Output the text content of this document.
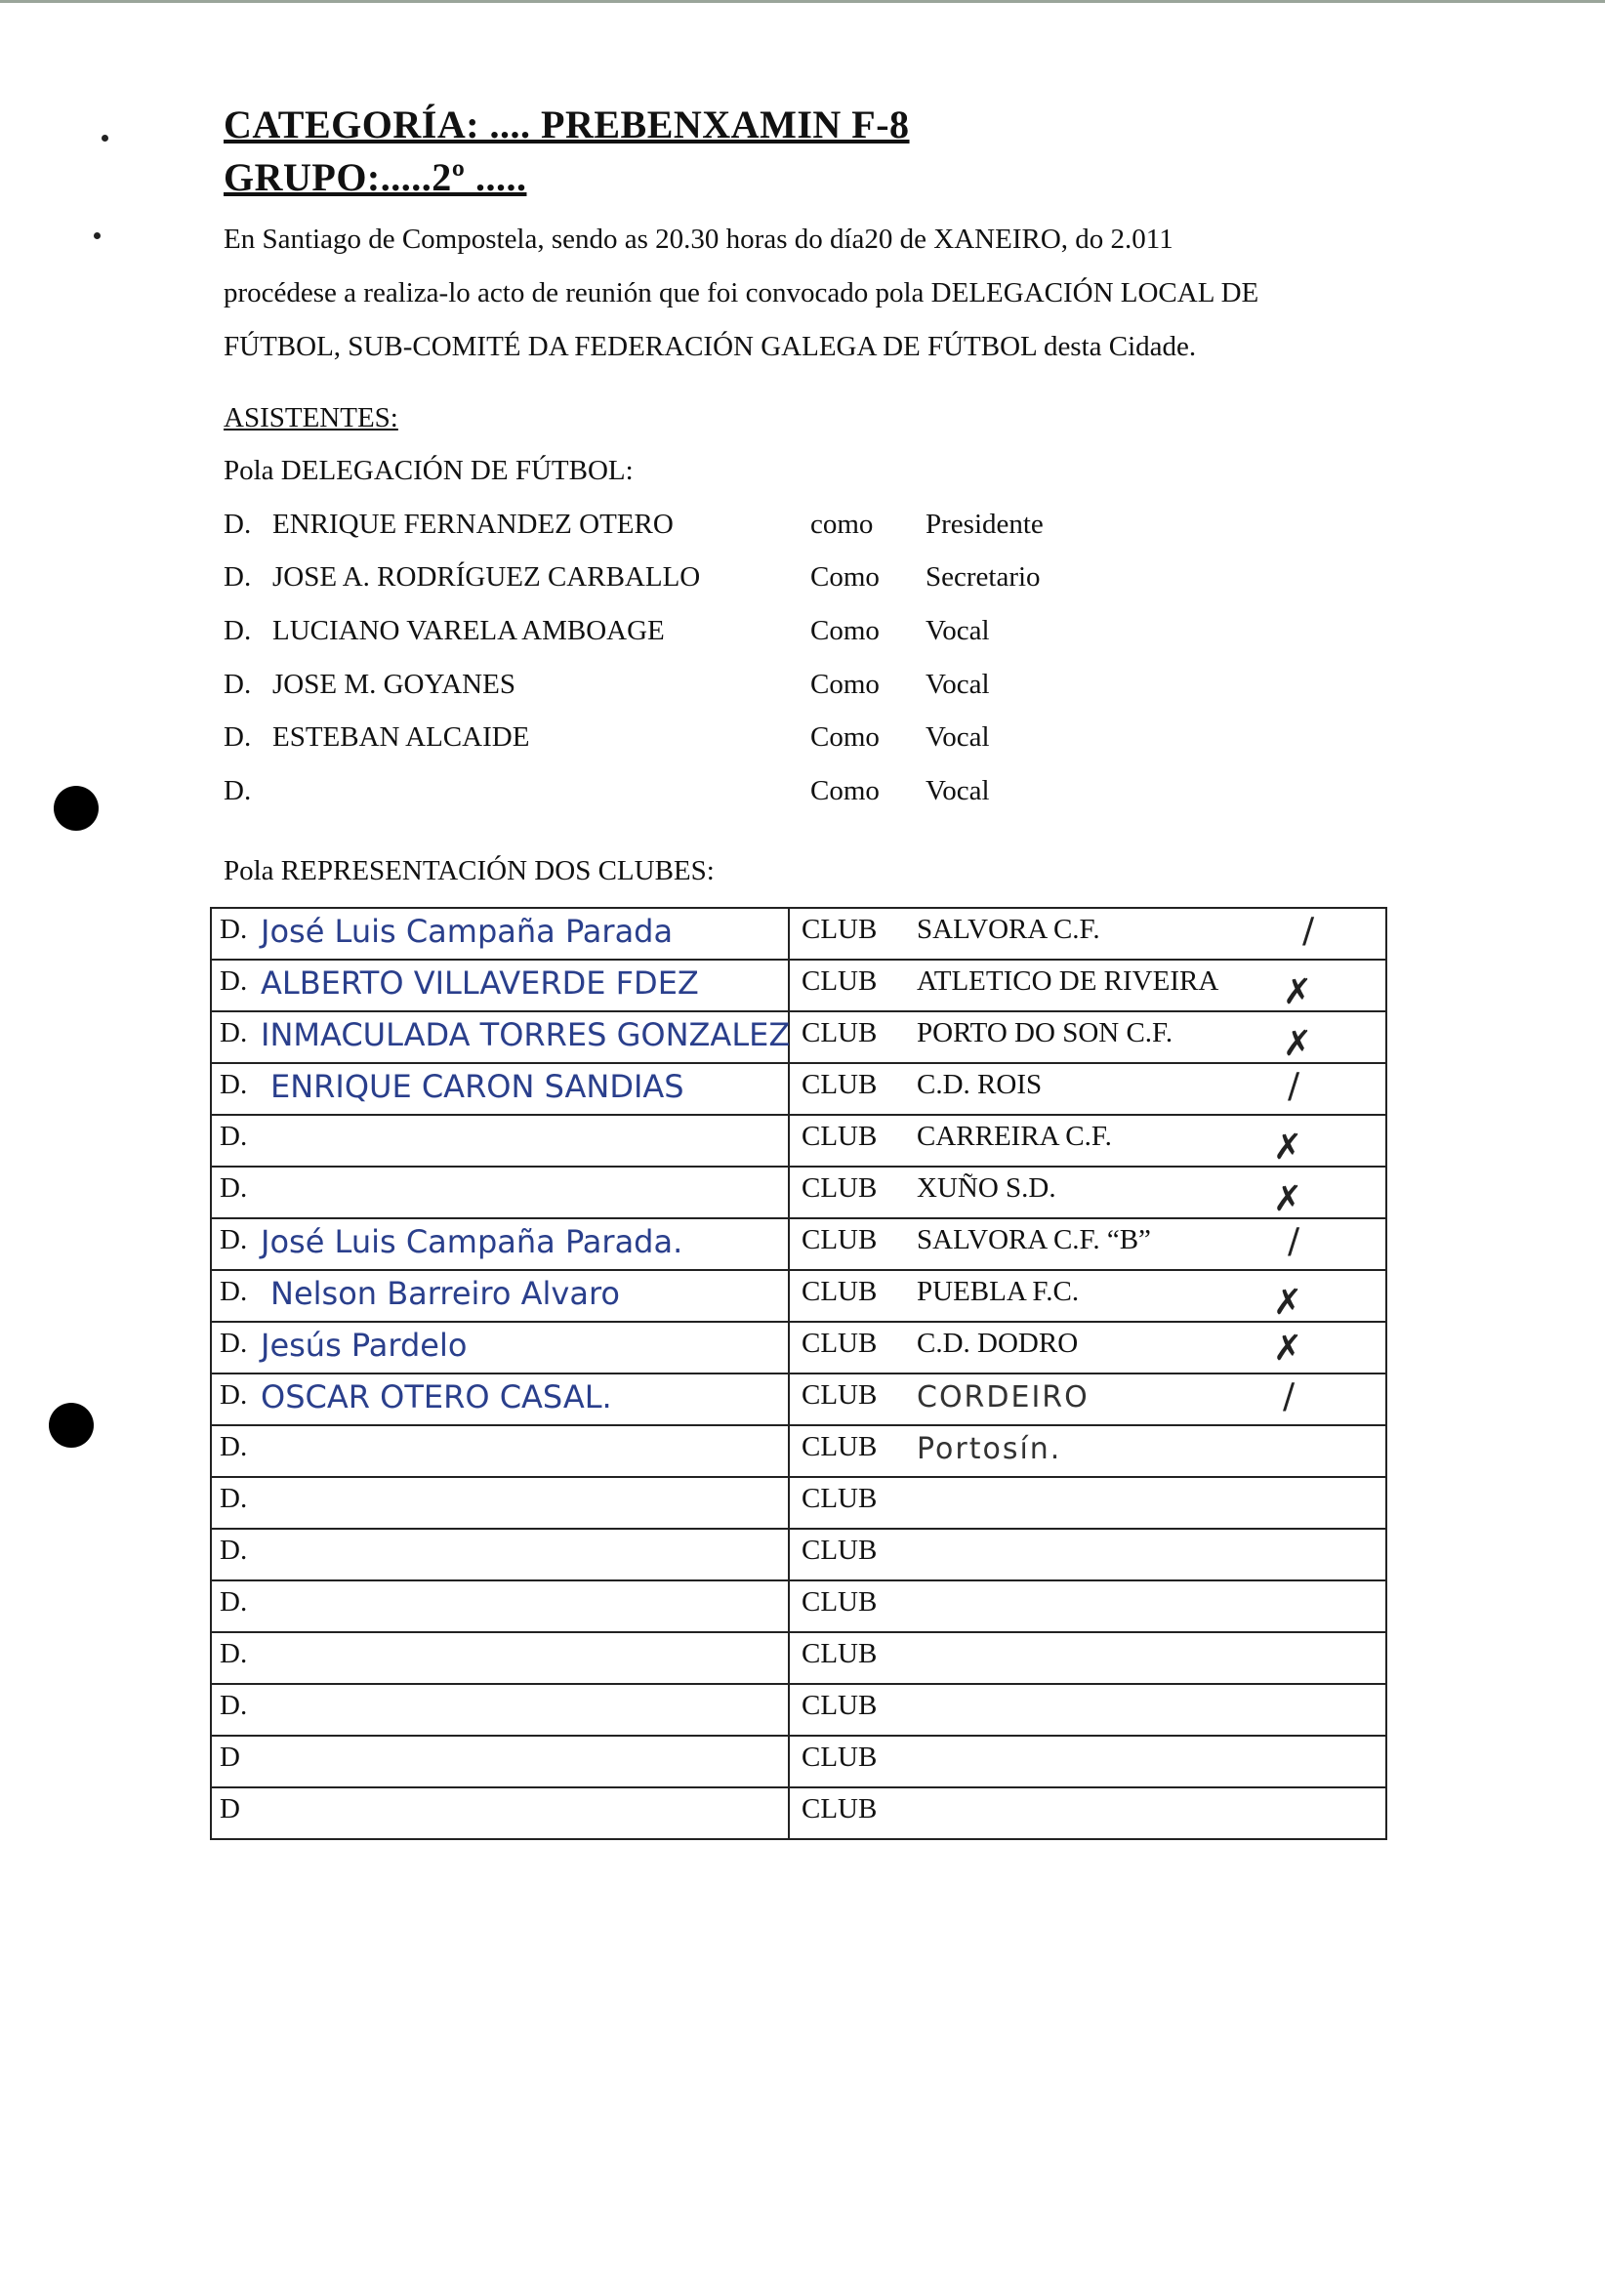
CATEGORÍA: .... PREBENXAMIN F-8
GRUPO:.....2º .....
En Santiago de Compostela, sendo as 20.30 horas do día20 de XANEIRO, do 2.011
procédese a realiza-lo acto de reunión que foi convocado pola DELEGACIÓN LOCAL DE
FÚTBOL, SUB-COMITÉ DA FEDERACIÓN GALEGA DE FÚTBOL desta Cidade.
ASISTENTES:
Pola DELEGACIÓN DE FÚTBOL:
D. ENRIQUE FERNANDEZ OTERO	como Presidente
D. JOSE A. RODRÍGUEZ CARBALLO	Como Secretario
D. LUCIANO VARELA AMBOAGE	Como Vocal
D. JOSE M. GOYANES	Como Vocal
D. ESTEBAN ALCAIDE	Como Vocal
D.	Como Vocal
Pola REPRESENTACIÓN DOS CLUBES:
D. José Luis Campaña Parada	CLUB SALVORA C.F. /

D. ALBERTO VILLAVERDE FDEZ	CLUB ATLETICO DE RIVEIRA ✗

D. INMACULADA TORRES GONZALEZ	CLUB PORTO DO SON C.F. ✗

D. ENRIQUE CARON SANDIAS	CLUB C.D. ROIS /

D.	CLUB CARREIRA C.F. ✗

D.	CLUB XUÑO S.D. ✗

D. José Luis Campaña Parada.	CLUB SALVORA C.F. “B” /

D. Nelson Barreiro Alvaro	CLUB PUEBLA F.C. ✗

D. Jesús Pardelo	CLUB C.D. DODRO ✗

D. OSCAR OTERO CASAL.	CLUB CORDEIRO /

D.	CLUB Portosín.

D.	CLUB

D.	CLUB

D.	CLUB

D.	CLUB

D.	CLUB

D	CLUB

D	CLUB
